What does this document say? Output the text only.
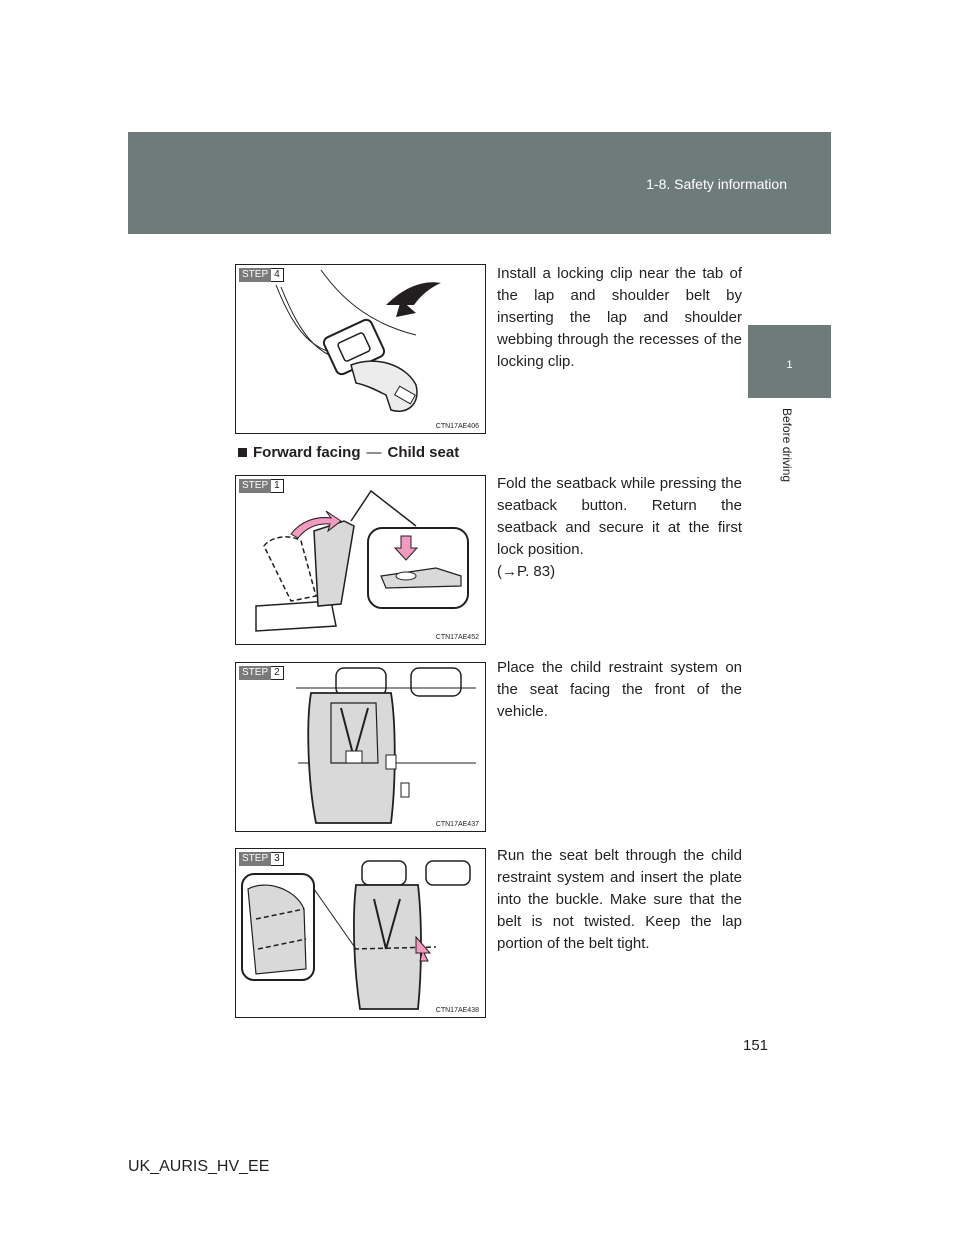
1-8. Safety information
1
Before driving
STEP 4
CTN17AE406
Install a locking clip near the tab of the lap and shoulder belt by inserting the lap and shoulder webbing through the recesses of the locking clip.
Forward facing — Child seat
STEP 1
CTN17AE452
Fold the seatback while pressing the seatback button. Return the seatback and secure it at the first lock position.
(→P. 83)
STEP 2
CTN17AE437
Place the child restraint system on the seat facing the front of the vehicle.
STEP 3
CTN17AE438
Run the seat belt through the child restraint system and insert the plate into the buckle. Make sure that the belt is not twisted. Keep the lap portion of the belt tight.
151
UK_AURIS_HV_EE
